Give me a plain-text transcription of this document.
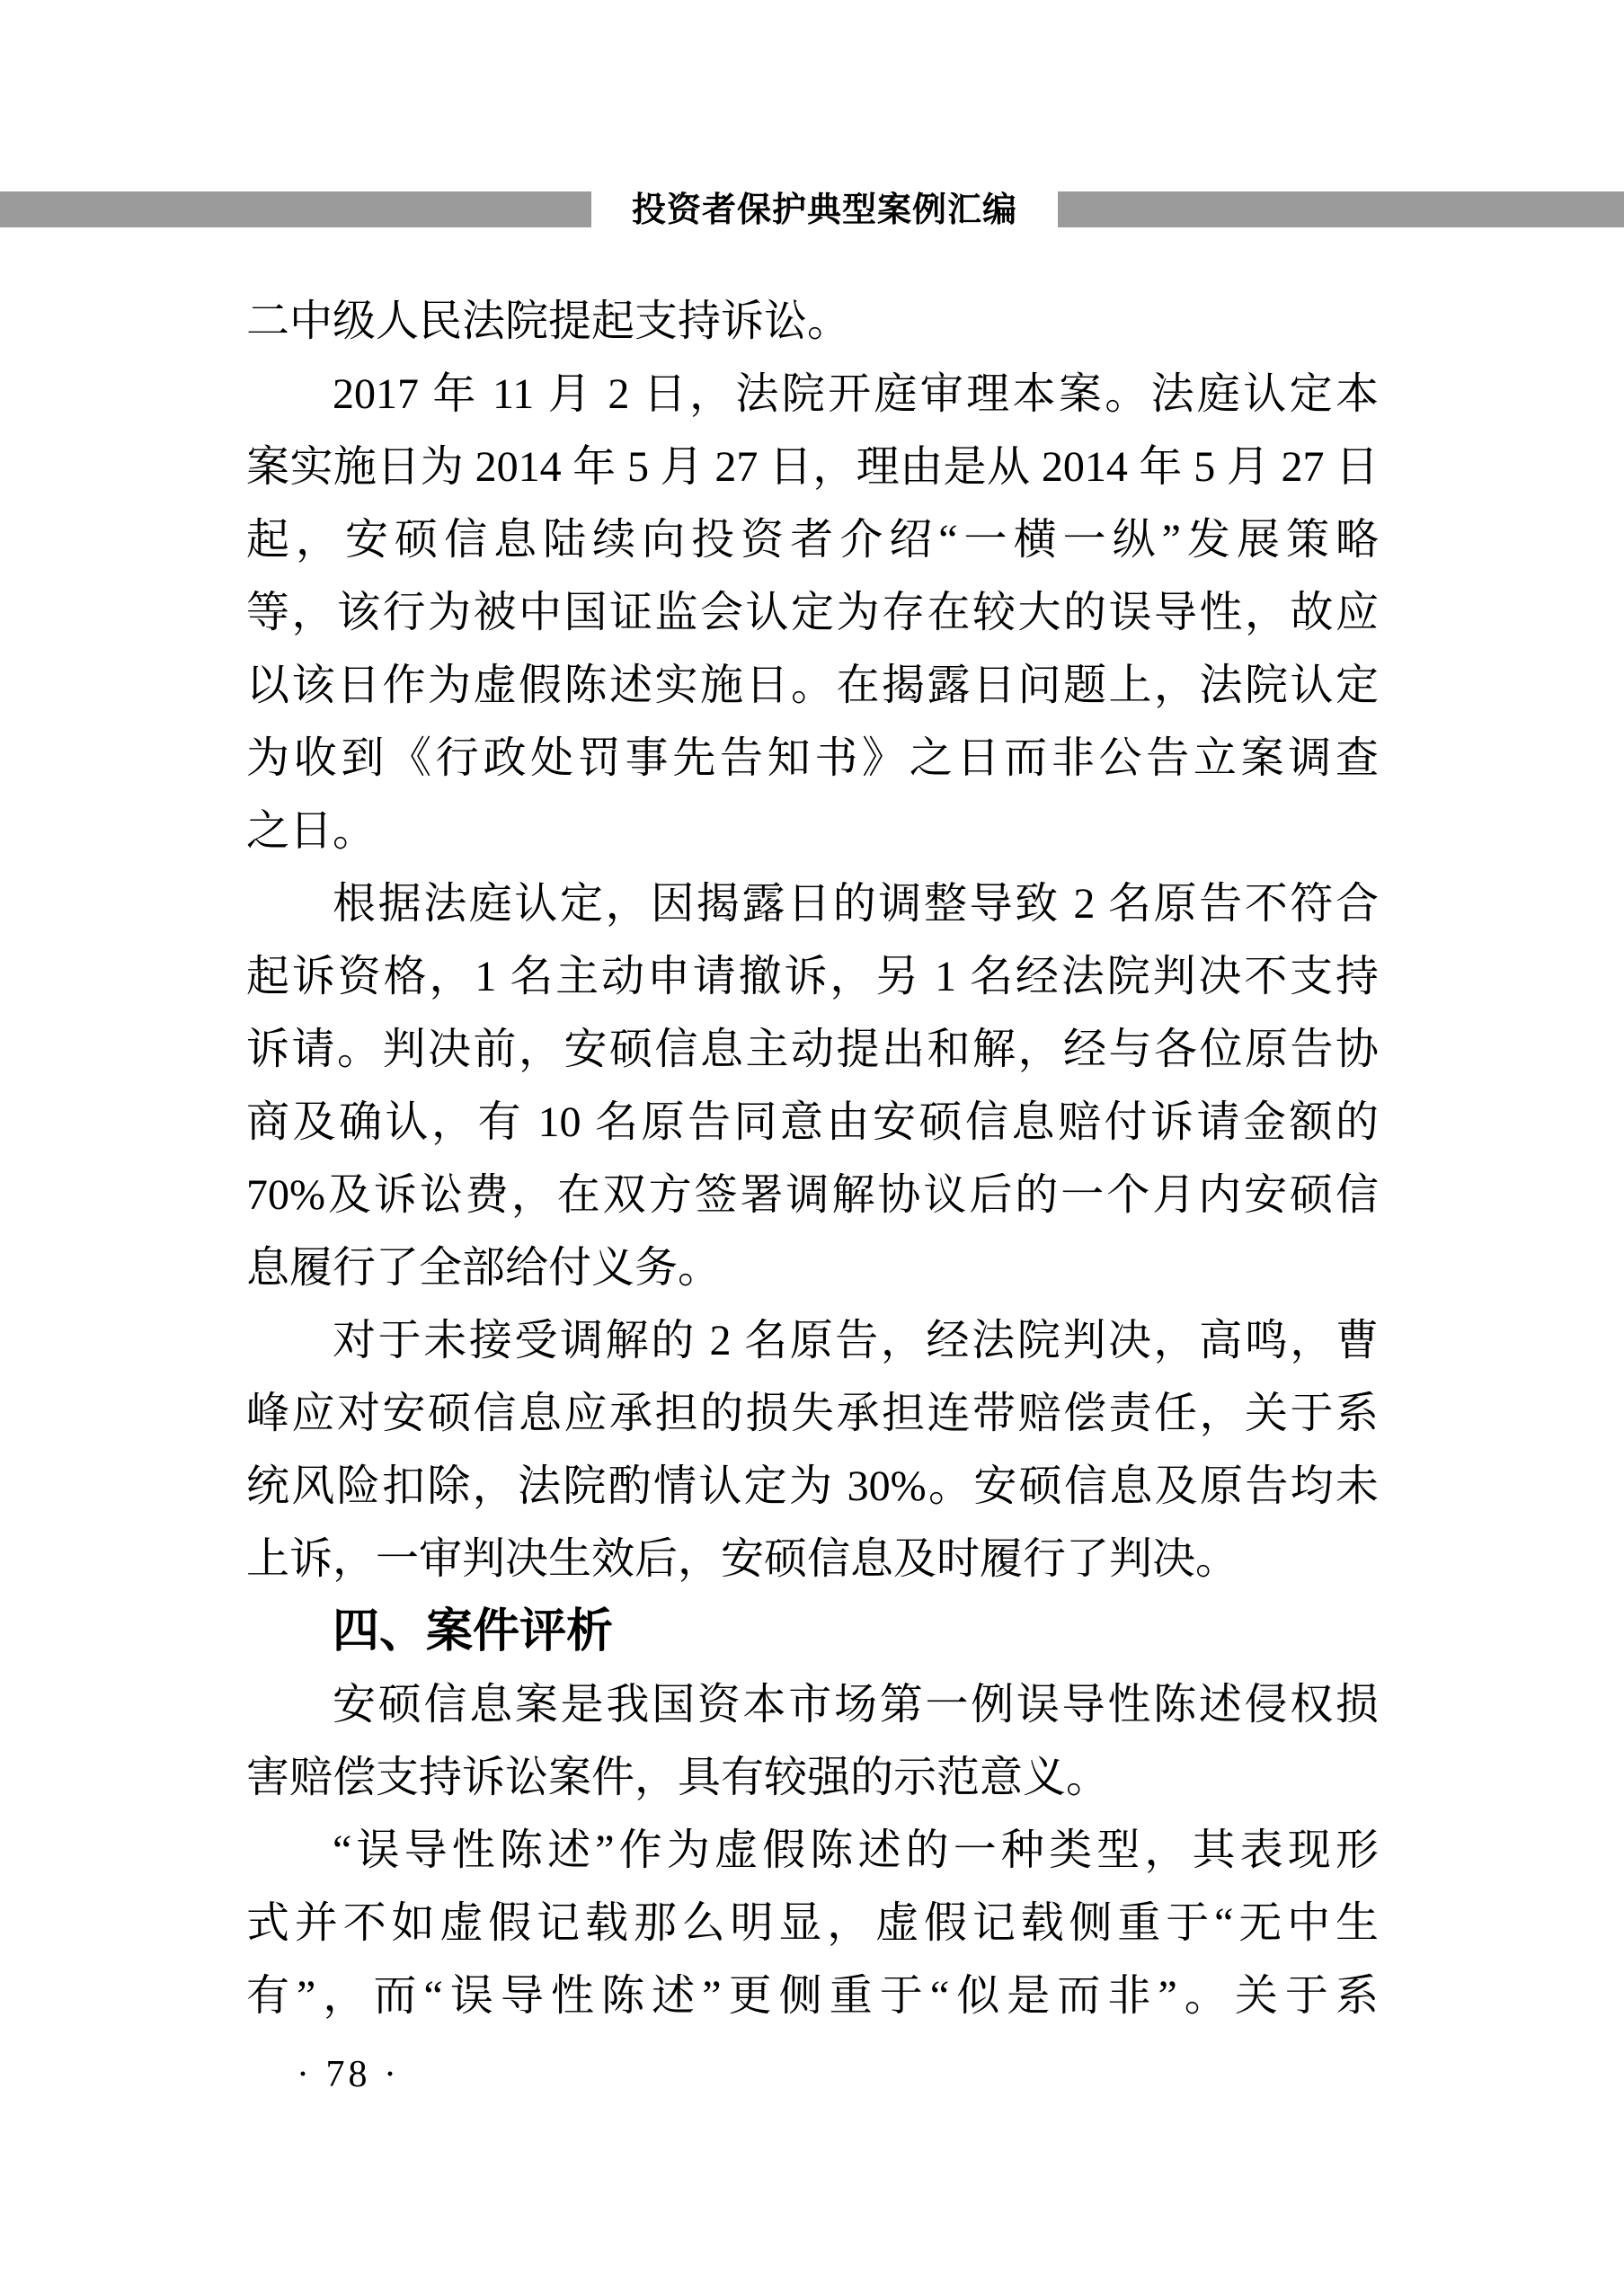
投资者保护典型案例汇编
二中级人民法院提起支持诉讼。
2017 年 11 月 2 日，法院开庭审理本案。法庭认定本
案实施日为 2014 年 5 月 27 日，理由是从 2014 年 5 月 27 日
起，安硕信息陆续向投资者介绍“一横一纵”发展策略
等，该行为被中国证监会认定为存在较大的误导性，故应
以该日作为虚假陈述实施日。在揭露日问题上，法院认定
为收到《行政处罚事先告知书》之日而非公告立案调查
之日。
根据法庭认定，因揭露日的调整导致 2 名原告不符合
起诉资格，1 名主动申请撤诉，另 1 名经法院判决不支持
诉请。判决前，安硕信息主动提出和解，经与各位原告协
商及确认，有 10 名原告同意由安硕信息赔付诉请金额的
70%及诉讼费，在双方签署调解协议后的一个月内安硕信
息履行了全部给付义务。
对于未接受调解的 2 名原告，经法院判决，高鸣，曹
峰应对安硕信息应承担的损失承担连带赔偿责任，关于系
统风险扣除，法院酌情认定为 30%。安硕信息及原告均未
上诉，一审判决生效后，安硕信息及时履行了判决。
四、案件评析
安硕信息案是我国资本市场第一例误导性陈述侵权损
害赔偿支持诉讼案件，具有较强的示范意义。
“误导性陈述”作为虚假陈述的一种类型，其表现形
式并不如虚假记载那么明显，虚假记载侧重于“无中生
有”，而“误导性陈述”更侧重于“似是而非”。关于系
· 78 ·
